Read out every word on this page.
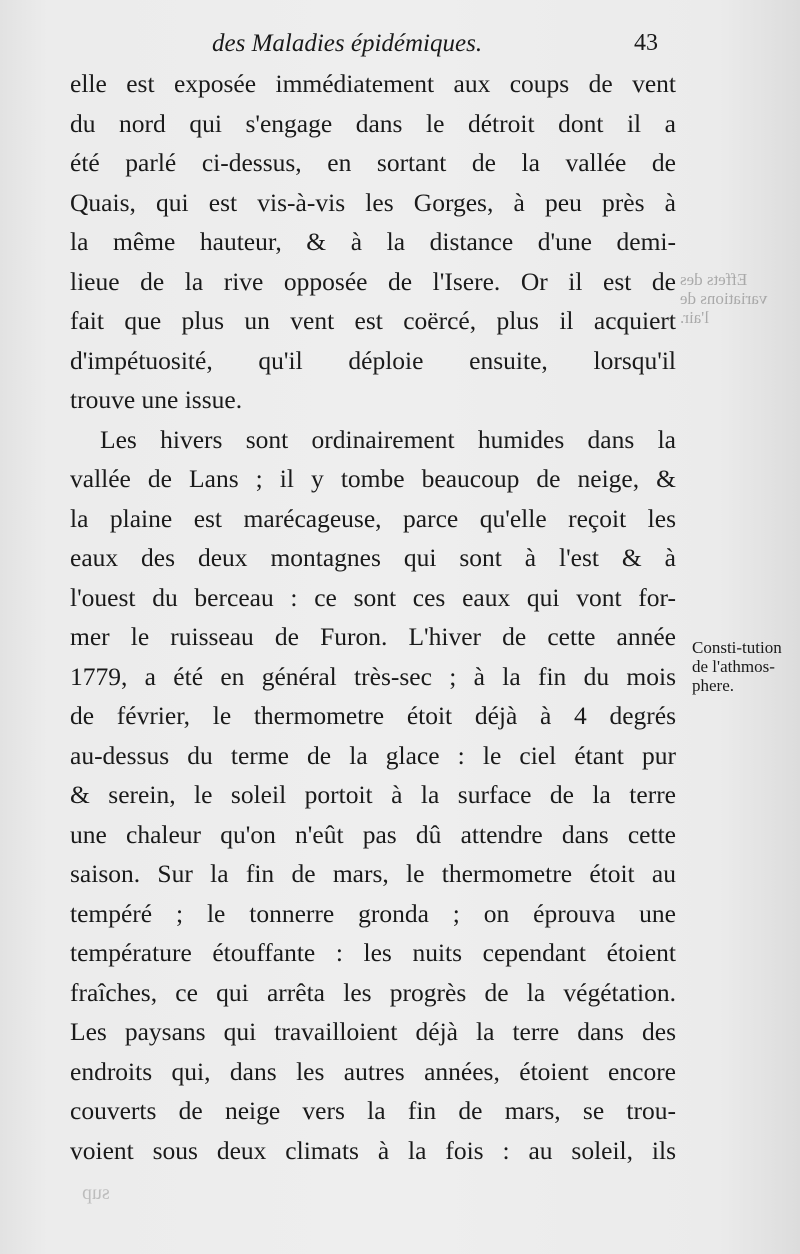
des Maladies épidémiques.	43
elle est exposée immédiatement aux coups de vent
du nord qui s'engage dans le détroit dont il a
été parlé ci-dessus, en sortant de la vallée de
Quais, qui est vis-à-vis les Gorges, à peu près à
la même hauteur, & à la distance d'une demi-
lieue de la rive opposée de l'Isere. Or il est de
fait que plus un vent est coërcé, plus il acquiert
d'impétuosité, qu'il déploie ensuite, lorsqu'il
trouve une issue.
Les hivers sont ordinairement humides dans la
vallée de Lans ; il y tombe beaucoup de neige, &
la plaine est marécageuse, parce qu'elle reçoit les
eaux des deux montagnes qui sont à l'est & à
l'ouest du berceau : ce sont ces eaux qui vont for-
mer le ruisseau de Furon. L'hiver de cette année
1779, a été en général très-sec ; à la fin du mois
de février, le thermometre étoit déjà à 4 degrés
au-dessus du terme de la glace : le ciel étant pur
& serein, le soleil portoit à la surface de la terre
une chaleur qu'on n'eût pas dû attendre dans cette
saison. Sur la fin de mars, le thermometre étoit au
tempéré ; le tonnerre gronda ; on éprouva une
température étouffante : les nuits cependant étoient
fraîches, ce qui arrêta les progrès de la végétation.
Les paysans qui travailloient déjà la terre dans des
endroits qui, dans les autres années, étoient encore
couverts de neige vers la fin de mars, se trou-
voient sous deux climats à la fois : au soleil, ils
Effets des variations de l'air.
Consti-tution de l'athmos-phere.
sup
